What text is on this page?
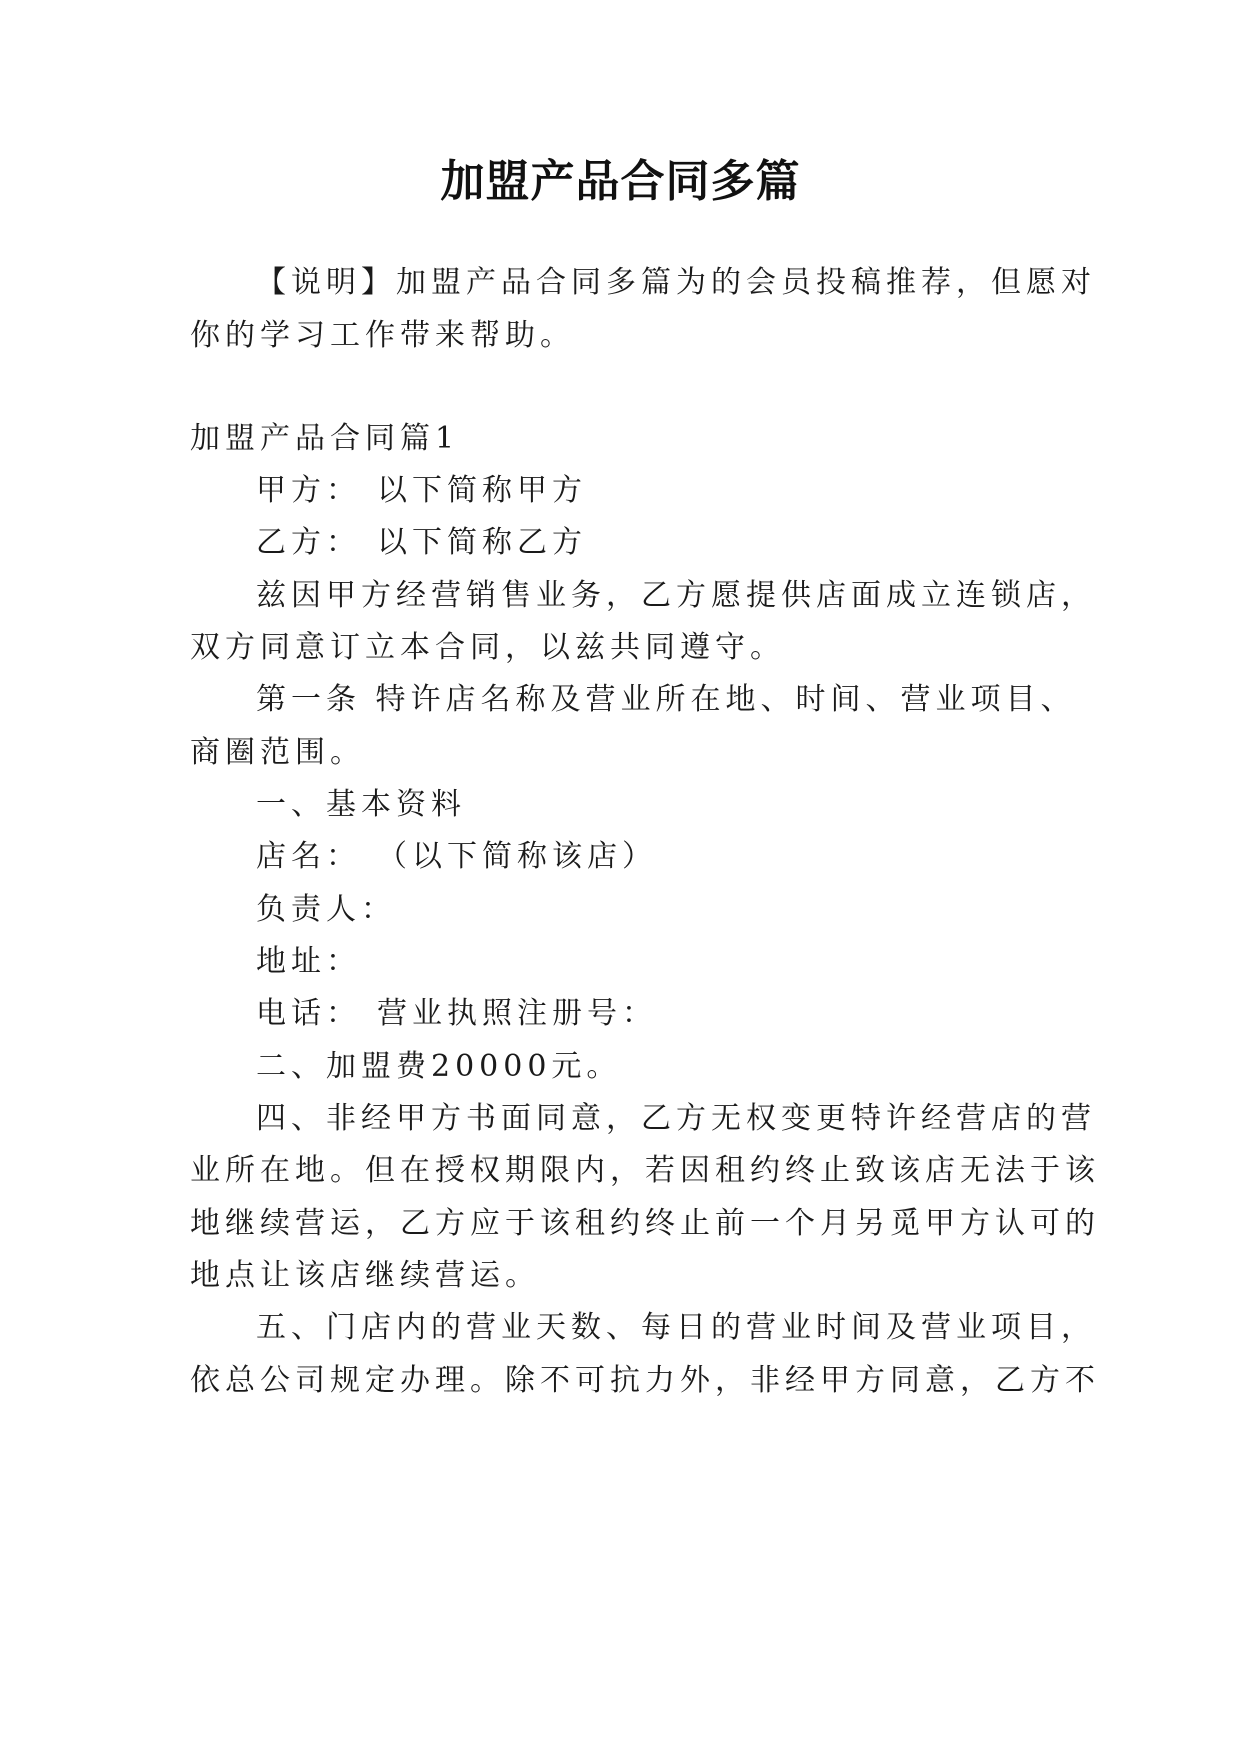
加盟产品合同多篇
【说明】加盟产品合同多篇为的会员投稿推荐，但愿对
你的学习工作带来帮助。
加盟产品合同篇1
甲方： 以下简称甲方
乙方： 以下简称乙方
兹因甲方经营销售业务，乙方愿提供店面成立连锁店，
双方同意订立本合同，以兹共同遵守。
第一条 特许店名称及营业所在地、时间、营业项目、
商圈范围。
一、基本资料
店名： （以下简称该店）
负责人：
地址：
电话： 营业执照注册号：
二、加盟费20000元。
四、非经甲方书面同意，乙方无权变更特许经营店的营
业所在地。但在授权期限内，若因租约终止致该店无法于该
地继续营运，乙方应于该租约终止前一个月另觅甲方认可的
地点让该店继续营运。
五、门店内的营业天数、每日的营业时间及营业项目，
依总公司规定办理。除不可抗力外，非经甲方同意，乙方不
